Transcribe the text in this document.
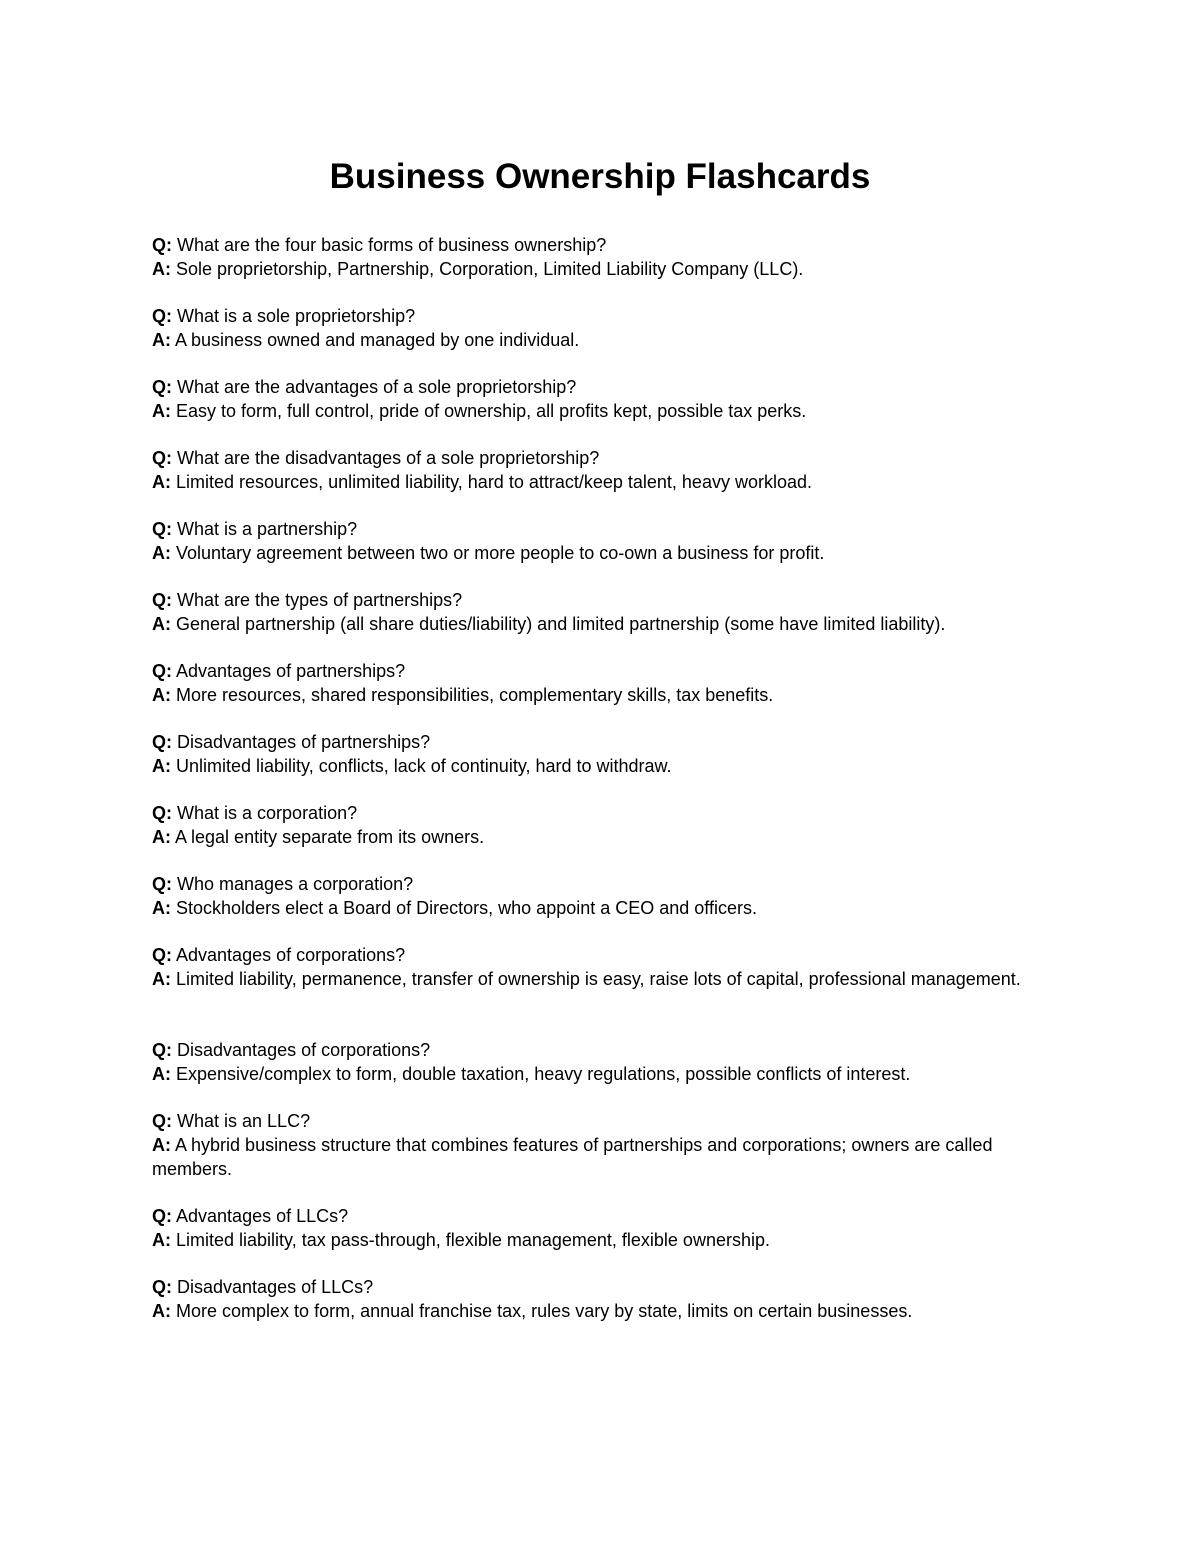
Business Ownership Flashcards

Q: What are the four basic forms of business ownership?

A: Sole proprietorship, Partnership, Corporation, Limited Liability Company (LLC).

Q: What is a sole proprietorship?

A: A business owned and managed by one individual.

Q: What are the advantages of a sole proprietorship?

A: Easy to form, full control, pride of ownership, all profits kept, possible tax perks.

Q: What are the disadvantages of a sole proprietorship?

A: Limited resources, unlimited liability, hard to attract/keep talent, heavy workload.

Q: What is a partnership?

A: Voluntary agreement between two or more people to co-own a business for profit.

Q: What are the types of partnerships?

A: General partnership (all share duties/liability) and limited partnership (some have limited liability).

Q: Advantages of partnerships?

A: More resources, shared responsibilities, complementary skills, tax benefits.

Q: Disadvantages of partnerships?

A: Unlimited liability, conflicts, lack of continuity, hard to withdraw.

Q: What is a corporation?

A: A legal entity separate from its owners.

Q: Who manages a corporation?

A: Stockholders elect a Board of Directors, who appoint a CEO and officers.

Q: Advantages of corporations?

A: Limited liability, permanence, transfer of ownership is easy, raise lots of capital, professional management.

Q: Disadvantages of corporations?

A: Expensive/complex to form, double taxation, heavy regulations, possible conflicts of interest.

Q: What is an LLC?

A: A hybrid business structure that combines features of partnerships and corporations; owners are called members.

Q: Advantages of LLCs?

A: Limited liability, tax pass-through, flexible management, flexible ownership.

Q: Disadvantages of LLCs?

A: More complex to form, annual franchise tax, rules vary by state, limits on certain businesses.
